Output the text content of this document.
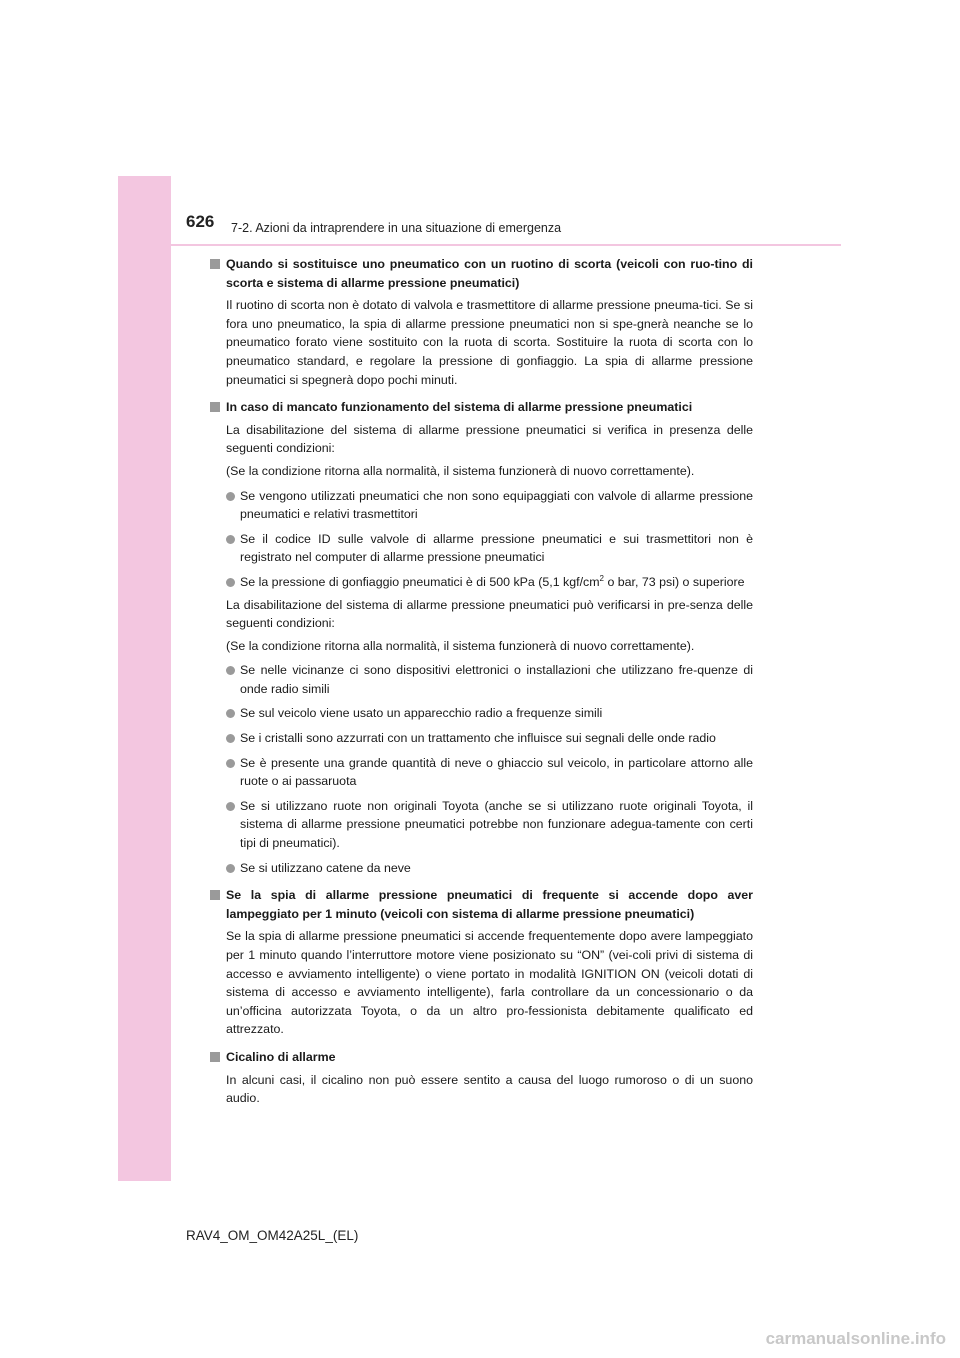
626 7-2. Azioni da intraprendere in una situazione di emergenza
Quando si sostituisce uno pneumatico con un ruotino di scorta (veicoli con ruo-tino di scorta e sistema di allarme pressione pneumatici)
Il ruotino di scorta non è dotato di valvola e trasmettitore di allarme pressione pneuma-tici. Se si fora uno pneumatico, la spia di allarme pressione pneumatici non si spe-gnerà neanche se lo pneumatico forato viene sostituito con la ruota di scorta. Sostituire la ruota di scorta con lo pneumatico standard, e regolare la pressione di gonfiaggio. La spia di allarme pressione pneumatici si spegnerà dopo pochi minuti.
In caso di mancato funzionamento del sistema di allarme pressione pneumatici
La disabilitazione del sistema di allarme pressione pneumatici si verifica in presenza delle seguenti condizioni:
(Se la condizione ritorna alla normalità, il sistema funzionerà di nuovo correttamente).
Se vengono utilizzati pneumatici che non sono equipaggiati con valvole di allarme pressione pneumatici e relativi trasmettitori
Se il codice ID sulle valvole di allarme pressione pneumatici e sui trasmettitori non è registrato nel computer di allarme pressione pneumatici
Se la pressione di gonfiaggio pneumatici è di 500 kPa (5,1 kgf/$cm^2$ o bar, 73 psi) o superiore
La disabilitazione del sistema di allarme pressione pneumatici può verificarsi in pre-senza delle seguenti condizioni:
(Se la condizione ritorna alla normalità, il sistema funzionerà di nuovo correttamente).
Se nelle vicinanze ci sono dispositivi elettronici o installazioni che utilizzano fre-quenze di onde radio simili
Se sul veicolo viene usato un apparecchio radio a frequenze simili
Se i cristalli sono azzurrati con un trattamento che influisce sui segnali delle onde radio
Se è presente una grande quantità di neve o ghiaccio sul veicolo, in particolare attorno alle ruote o ai passaruota
Se si utilizzano ruote non originali Toyota (anche se si utilizzano ruote originali Toyota, il sistema di allarme pressione pneumatici potrebbe non funzionare adegua-tamente con certi tipi di pneumatici).
Se si utilizzano catene da neve
Se la spia di allarme pressione pneumatici di frequente si accende dopo aver lampeggiato per 1 minuto (veicoli con sistema di allarme pressione pneumatici)
Se la spia di allarme pressione pneumatici si accende frequentemente dopo avere lampeggiato per 1 minuto quando l’interruttore motore viene posizionato su “ON” (vei-coli privi di sistema di accesso e avviamento intelligente) o viene portato in modalità IGNITION ON (veicoli dotati di sistema di accesso e avviamento intelligente), farla controllare da un concessionario o da un’officina autorizzata Toyota, o da un altro pro-fessionista debitamente qualificato ed attrezzato.
Cicalino di allarme
In alcuni casi, il cicalino non può essere sentito a causa del luogo rumoroso o di un suono audio.
RAV4_OM_OM42A25L_(EL)
carmanualsonline.info
